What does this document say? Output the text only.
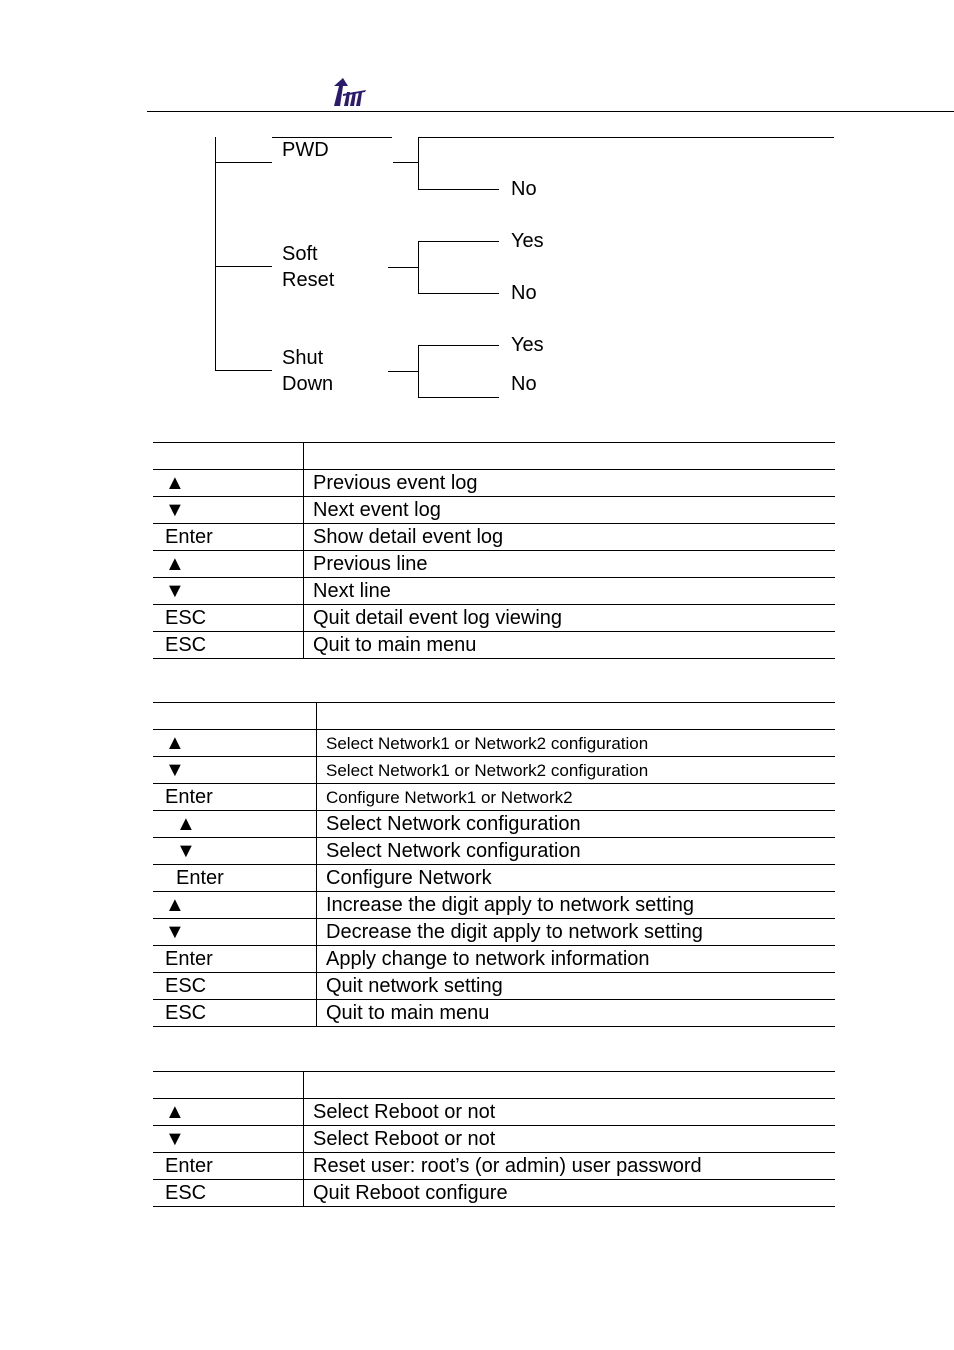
PWD
Soft
Reset
Shut
Down
No
Yes
No
Yes
No
▲	Previous event log
▼	Next event log
Enter	Show detail event log
▲	Previous line
▼	Next line
ESC	Quit detail event log viewing
ESC	Quit to main menu
▲	Select Network1 or Network2 configuration
▼	Select Network1 or Network2 configuration
Enter	Configure Network1 or Network2
▲	Select Network configuration
▼	Select Network configuration
Enter	Configure Network
▲	Increase the digit apply to network setting
▼	Decrease the digit apply to network setting
Enter	Apply change to network information
ESC	Quit network setting
ESC	Quit to main menu
▲	Select Reboot or not
▼	Select Reboot or not
Enter	Reset user: root’s (or admin) user password
ESC	Quit Reboot configure
